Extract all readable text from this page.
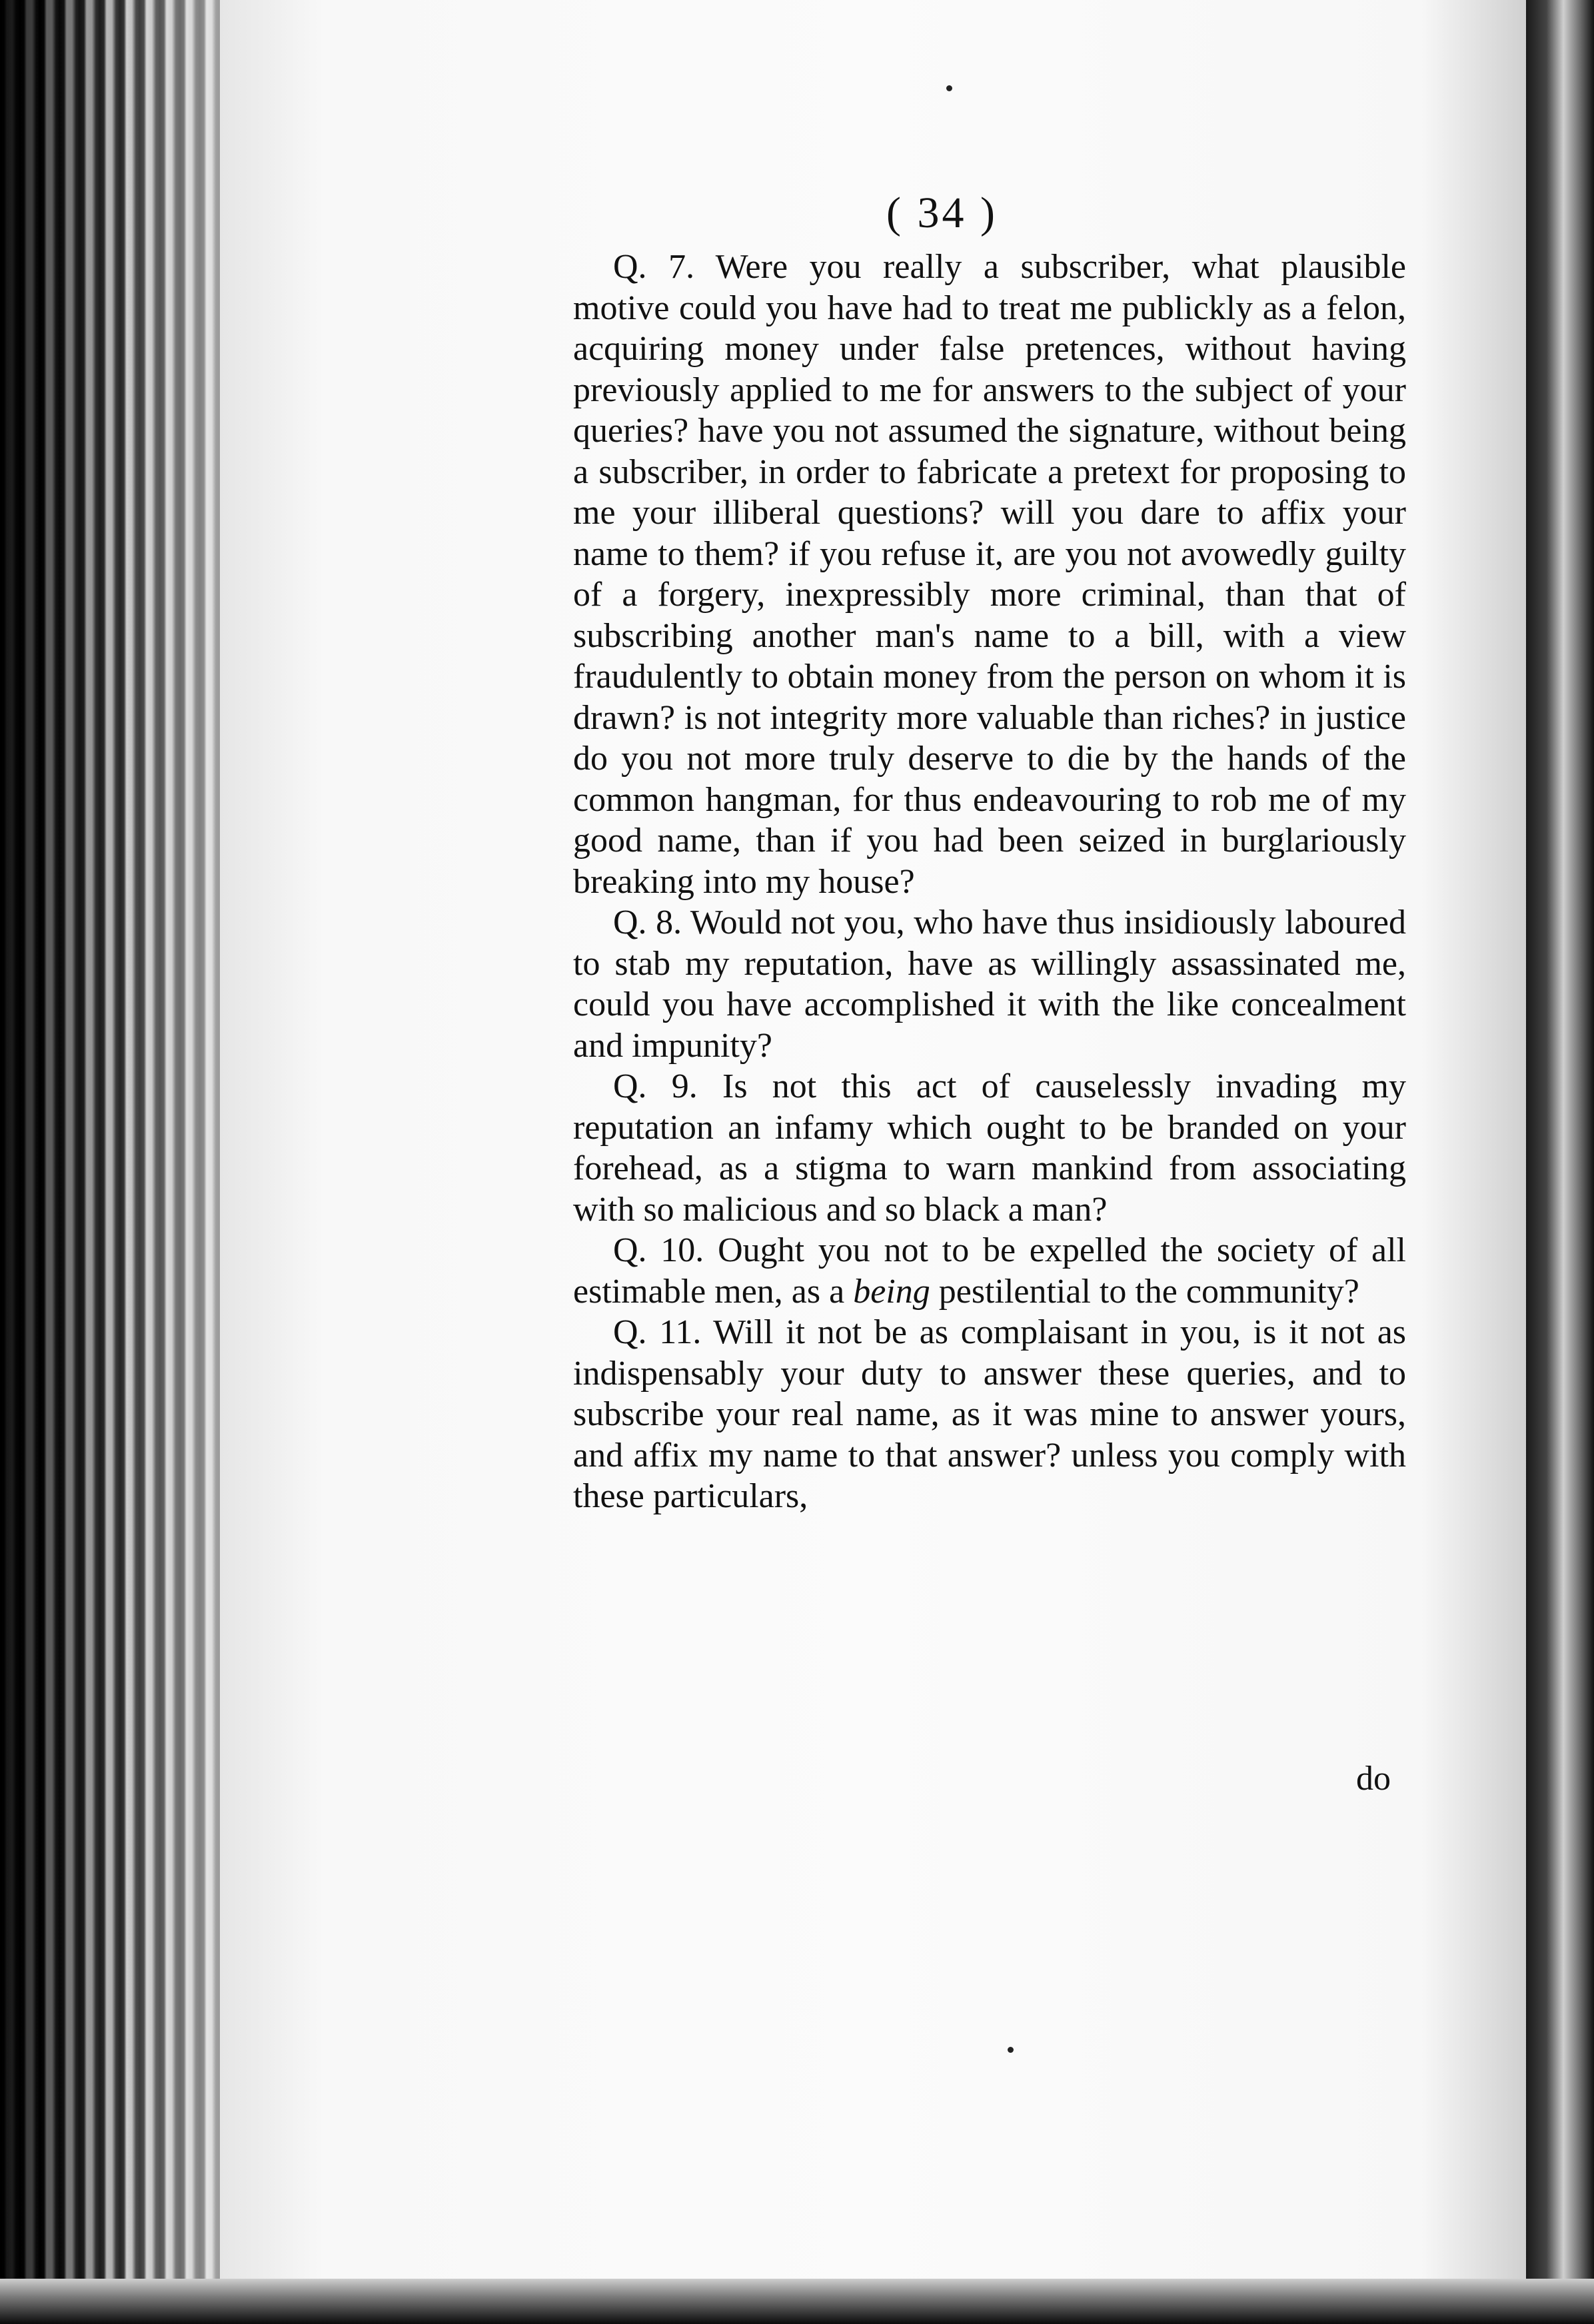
( 34 )

Q. 7. Were you really a subscriber, what plausible motive could you have had to treat me publickly as a felon, acquiring money under false pretences, without having previously applied to me for answers to the subject of your queries? have you not assumed the signature, without being a subscriber, in order to fabricate a pretext for proposing to me your illiberal questions? will you dare to affix your name to them? if you refuse it, are you not avowedly guilty of a forgery, inexpressibly more criminal, than that of subscribing another man's name to a bill, with a view fraudulently to obtain money from the person on whom it is drawn? is not integrity more valuable than riches? in justice do you not more truly deserve to die by the hands of the common hangman, for thus endeavouring to rob me of my good name, than if you had been seized in burglariously breaking into my house?

Q. 8. Would not you, who have thus insidiously laboured to stab my reputation, have as willingly assassinated me, could you have accomplished it with the like concealment and impunity?

Q. 9. Is not this act of causelessly invading my reputation an infamy which ought to be branded on your forehead, as a stigma to warn mankind from associating with so malicious and so black a man?

Q. 10. Ought you not to be expelled the society of all estimable men, as a being pestilential to the community?

Q. 11. Will it not be as complaisant in you, is it not as indispensably your duty to answer these queries, and to subscribe your real name, as it was mine to answer yours, and affix my name to that answer? unless you comply with these particulars,

do
